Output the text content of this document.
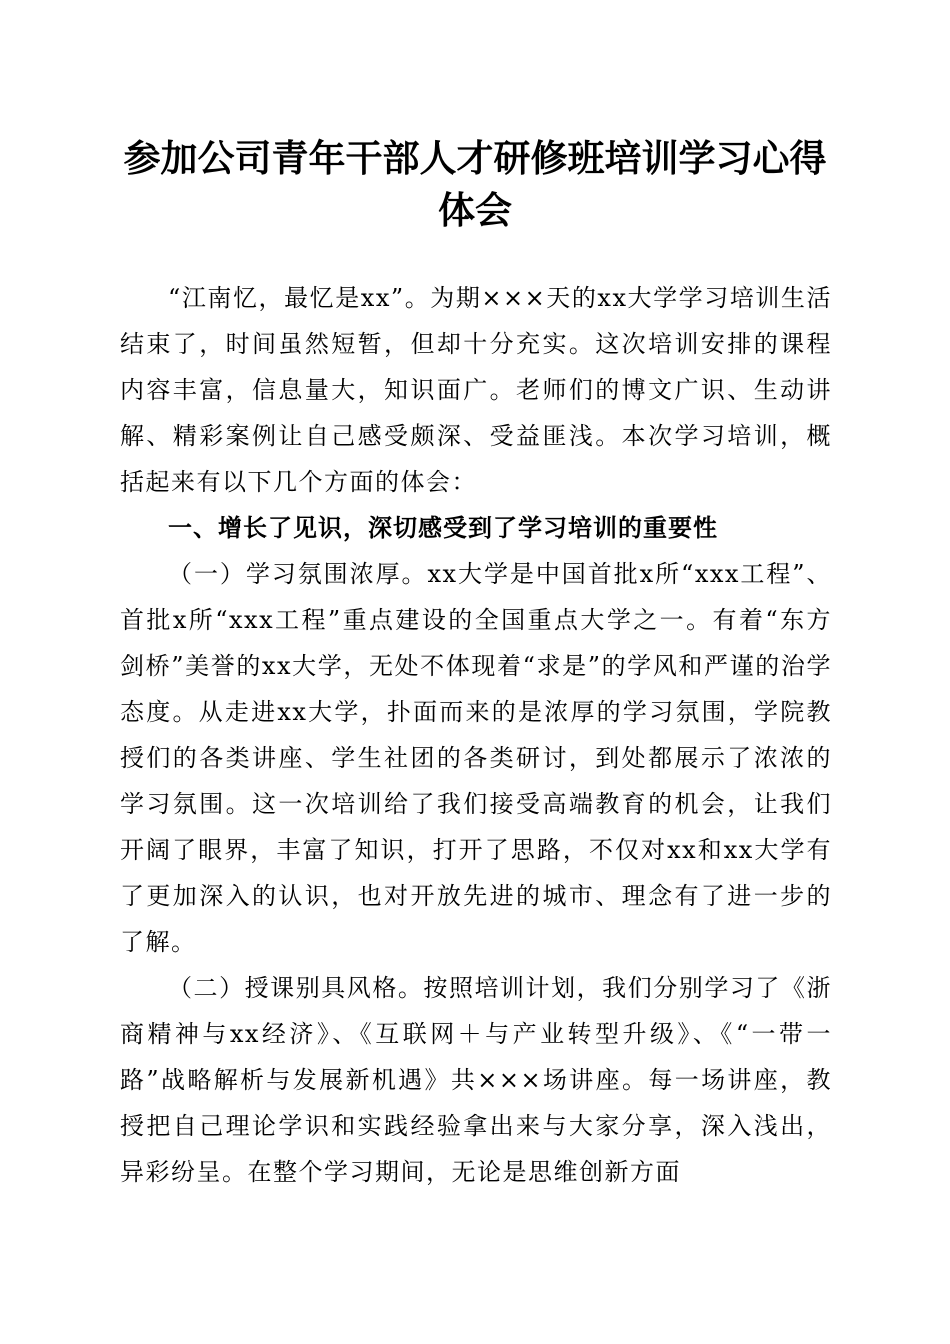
参加公司青年干部人才研修班培训学习心得体会

“江南忆，最忆是xx”。为期×××天的xx大学学习培训生活结束了，时间虽然短暂，但却十分充实。这次培训安排的课程内容丰富，信息量大，知识面广。老师们的博文广识、生动讲解、精彩案例让自己感受颇深、受益匪浅。本次学习培训，概括起来有以下几个方面的体会：

一、增长了见识，深切感受到了学习培训的重要性

（一）学习氛围浓厚。xx大学是中国首批x所“xxx工程”、首批x所“xxx工程”重点建设的全国重点大学之一。有着“东方剑桥”美誉的xx大学，无处不体现着“求是”的学风和严谨的治学态度。从走进xx大学，扑面而来的是浓厚的学习氛围，学院教授们的各类讲座、学生社团的各类研讨，到处都展示了浓浓的学习氛围。这一次培训给了我们接受高端教育的机会，让我们开阔了眼界，丰富了知识，打开了思路，不仅对xx和xx大学有了更加深入的认识，也对开放先进的城市、理念有了进一步的了解。

（二）授课别具风格。按照培训计划，我们分别学习了《浙商精神与xx经济》、《互联网＋与产业转型升级》、《“一带一路”战略解析与发展新机遇》共×××场讲座。每一场讲座，教授把自己理论学识和实践经验拿出来与大家分享，深入浅出，异彩纷呈。在整个学习期间，无论是思维创新方面
